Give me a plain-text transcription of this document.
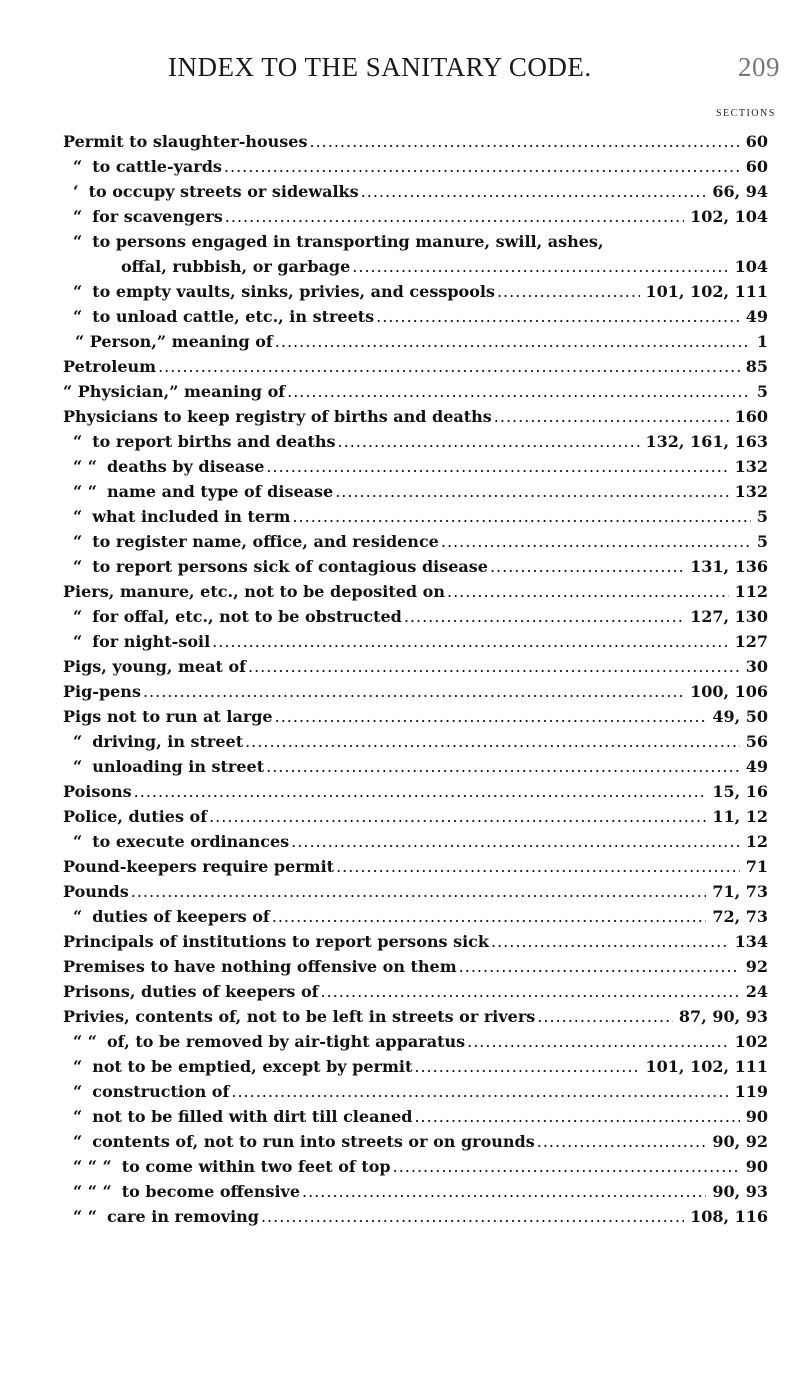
INDEX TO THE SANITARY CODE.	209
SECTIONS
Permit to slaughter-houses .....	60
“ to cattle-yards .....	60
‘ to occupy streets or sidewalks .....	66, 94
“ for scavengers .....	102, 104
“ to persons engaged in transporting manure, swill, ashes,
offal, rubbish, or garbage .....	104
“ to empty vaults, sinks, privies, and cesspools .....	101, 102, 111
“ to unload cattle, etc., in streets .....	49
“ Person,” meaning of .....	1
Petroleum .....	85
“ Physician,” meaning of .....	5
Physicians to keep registry of births and deaths .....	160
“ to report births and deaths .....	132, 161, 163
“ “ deaths by disease .....	132
“ “ name and type of disease .....	132
“ what included in term .....	5
“ to register name, office, and residence .....	5
“ to report persons sick of contagious disease .....	131, 136
Piers, manure, etc., not to be deposited on .....	112
“ for offal, etc., not to be obstructed .....	127, 130
“ for night-soil .....	127
Pigs, young, meat of .....	30
Pig-pens .....	100, 106
Pigs not to run at large .....	49, 50
“ driving, in street .....	56
“ unloading in street .....	49
Poisons .....	15, 16
Police, duties of .....	11, 12
“ to execute ordinances .....	12
Pound-keepers require permit .....	71
Pounds .....	71, 73
“ duties of keepers of .....	72, 73
Principals of institutions to report persons sick .....	134
Premises to have nothing offensive on them .....	92
Prisons, duties of keepers of .....	24
Privies, contents of, not to be left in streets or rivers .....	87, 90, 93
“ “ of, to be removed by air-tight apparatus .....	102
“ not to be emptied, except by permit .....	101, 102, 111
“ construction of .....	119
“ not to be filled with dirt till cleaned .....	90
“ contents of, not to run into streets or on grounds .....	90, 92
“ “ “ to come within two feet of top .....	90
“ “ “ to become offensive .....	90, 93
“ “ care in removing .....	108, 116
